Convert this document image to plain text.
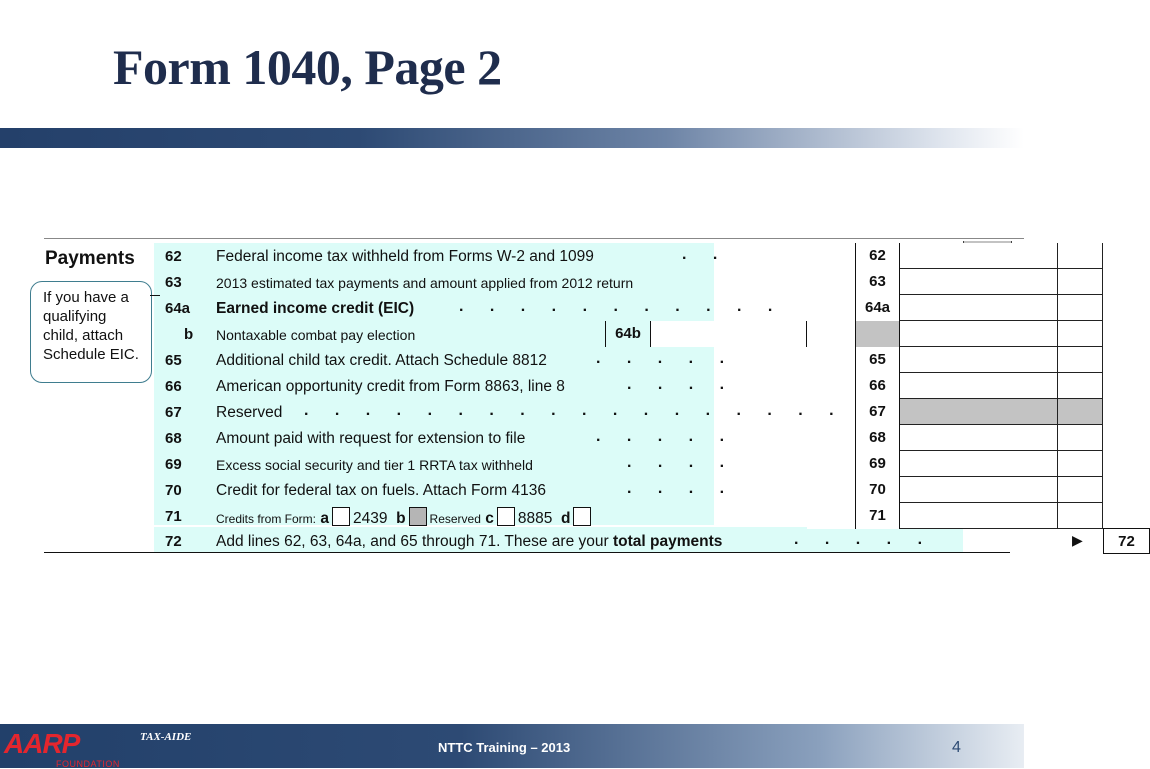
Form 1040, Page 2
Payments
If you have a
qualifying
child, attach
Schedule EIC.
62 Federal income tax withheld from Forms W-2 and 1099	. .	62
63 2013 estimated tax payments and amount applied from 2012 return	63
64a Earned income credit (EIC)	. . . . . . . . . . .	64a
b Nontaxable combat pay election	64b
65 Additional child tax credit. Attach Schedule 8812	. . . . .	65
66 American opportunity credit from Form 8863, line 8	. . . .	66
67 Reserved . . . . . . . . . . . . . . . . . .	67
68 Amount paid with request for extension to file	. . . . .	68
69 Excess social security and tier 1 RRTA tax withheld	. . . .	69
70 Credit for federal tax on fuels. Attach Form 4136	. . . .	70
71	Credits from Form: a 2439 b Reserved c 8885 d	71
72 Add lines 62, 63, 64a, and 65 through 71. These are your total payments	. . . . .	▶	72
AARP
FOUNDATION
TAX-AIDE
NTTC Training – 2013	4
